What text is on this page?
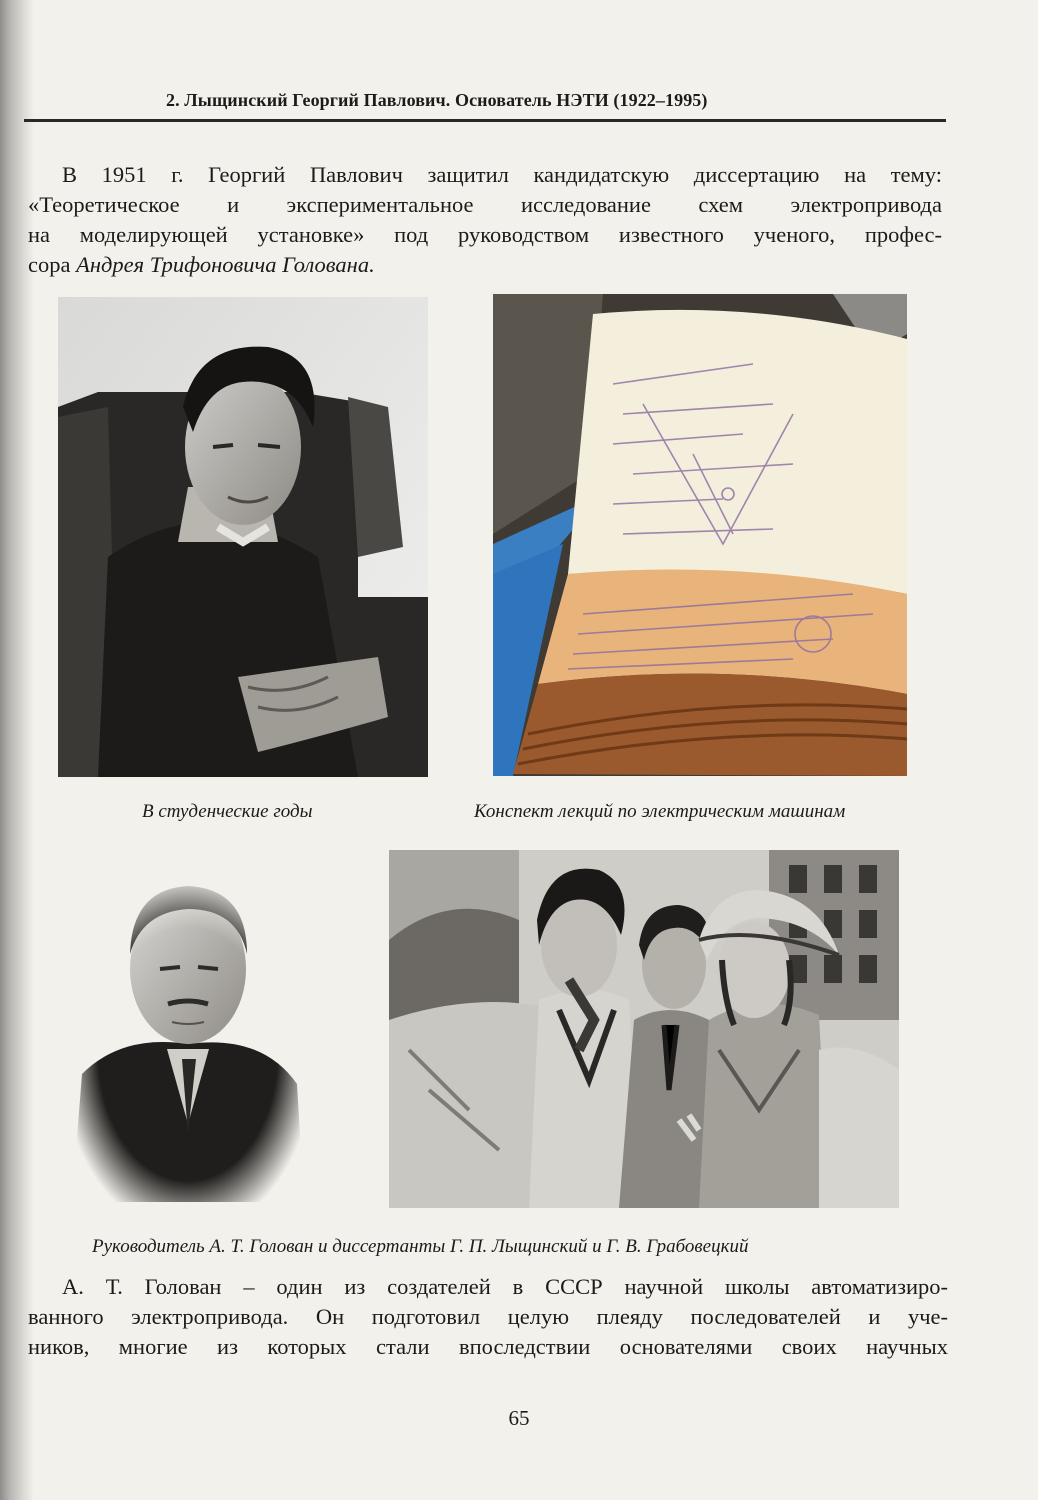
2. Лыщинский Георгий Павлович. Основатель НЭТИ (1922–1995)
В 1951 г. Георгий Павлович защитил кандидатскую диссертацию на тему:
«Теоретическое и экспериментальное исследование схем электропривода
на моделирующей установке» под руководством известного ученого, профес-
сора Андрея Трифоновича Голована.
В студенческие годы	Конспект лекций по электрическим машинам
Руководитель А. Т. Голован и диссертанты Г. П. Лыщинский и Г. В. Грабовецкий
А. Т. Голован – один из создателей в СССР научной школы автоматизиро-
ванного электропривода. Он подготовил целую плеяду последователей и уче-
ников, многие из которых стали впоследствии основателями своих научных
65
